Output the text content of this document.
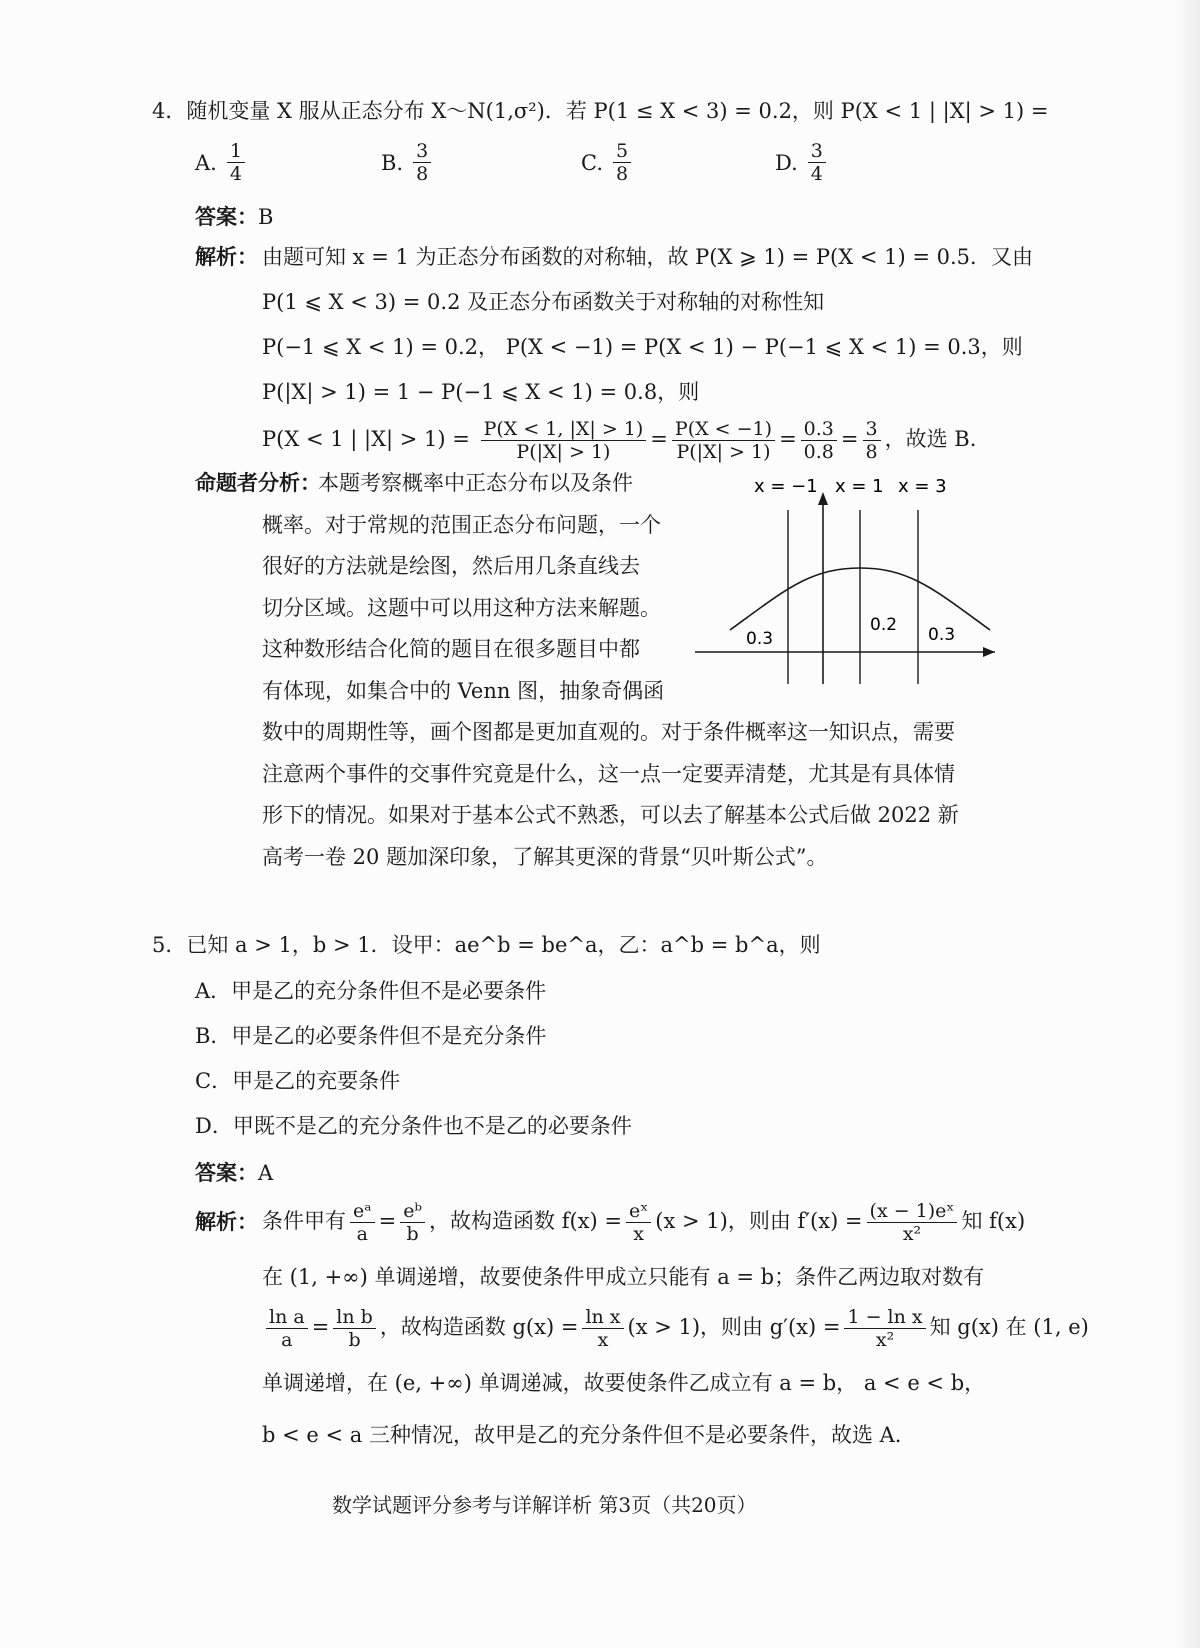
4．随机变量 X 服从正态分布 X～N(1,σ²)．若 P(1 ≤ X < 3) = 0.2，则 P(X < 1 | |X| > 1) =
A. $\frac{1}{4}$	B. $\frac{3}{8}$	C. $\frac{5}{8}$	D. $\frac{3}{4}$
答案：B
解析： 由题可知 x = 1 为正态分布函数的对称轴，故 P(X ⩾ 1) = P(X < 1) = 0.5．又由
P(1 ⩽ X < 3) = 0.2 及正态分布函数关于对称轴的对称性知
P(−1 ⩽ X < 1) = 0.2， P(X < −1) = P(X < 1) − P(−1 ⩽ X < 1) = 0.3，则
P(|X| > 1) = 1 − P(−1 ⩽ X < 1) = 0.8，则
P(X < 1 | $|X| > 1) = \frac{P(X < 1, |X| > 1)}{P(|X| > 1)} = \frac{P(X < -1)}{P(|X| > 1)} = \frac{0.3}{0.8} = \frac{3}{8}$ ，故选 B.
命题者分析：
本题考察概率中正态分布以及条件
概率。对于常规的范围正态分布问题，一个
很好的方法就是绘图，然后用几条直线去
切分区域。这题中可以用这种方法来解题。
这种数形结合化简的题目在很多题目中都
有体现，如集合中的 Venn 图，抽象奇偶函
数中的周期性等，画个图都是更加直观的。对于条件概率这一知识点，需要
注意两个事件的交事件究竟是什么，这一点一定要弄清楚，尤其是有具体情
形下的情况。如果对于基本公式不熟悉，可以去了解基本公式后做 2022 新
高考一卷 20 题加深印象，了解其更深的背景“贝叶斯公式”。
x = −1 x = 1 x = 3
0.3
0.2 0.3
5．已知 a > 1，b > 1．设甲：ae^b = be^a，乙：a^b = b^a，则
A．甲是乙的充分条件但不是必要条件
B．甲是乙的必要条件但不是充分条件
C．甲是乙的充要条件
D．甲既不是乙的充分条件也不是乙的必要条件
答案：A
解析： 条件甲有 $\frac{\text{eᵃ}}{a} = \frac{\text{eᵇ}}{b}$ ，故构造函数 $f(x) = \frac{\text{eˣ}}{x} (x > 1)$，则由 $f'(x) = \frac{\text{(x − 1)eˣ}}{\text{x²}}$ 知 f(x)
在 (1, +∞) 单调递增，故要使条件甲成立只能有 a = b；条件乙两边取对数有
$\frac{\text{ln a}}{a} = \frac{\text{ln b}}{b}$ ，故构造函数 $g(x) = \frac{\text{ln x}}{x} (x > 1)$，则由 $g'(x) = \frac{\text{1 − ln x}}{\text{x²}}$ 知 g(x) 在 (1, e)
单调递增，在 (e, +∞) 单调递减，故要使条件乙成立有 a = b， a < e < b，
b < e < a 三种情况，故甲是乙的充分条件但不是必要条件，故选 A.
数学试题评分参考与详解详析 第3页（共20页）
